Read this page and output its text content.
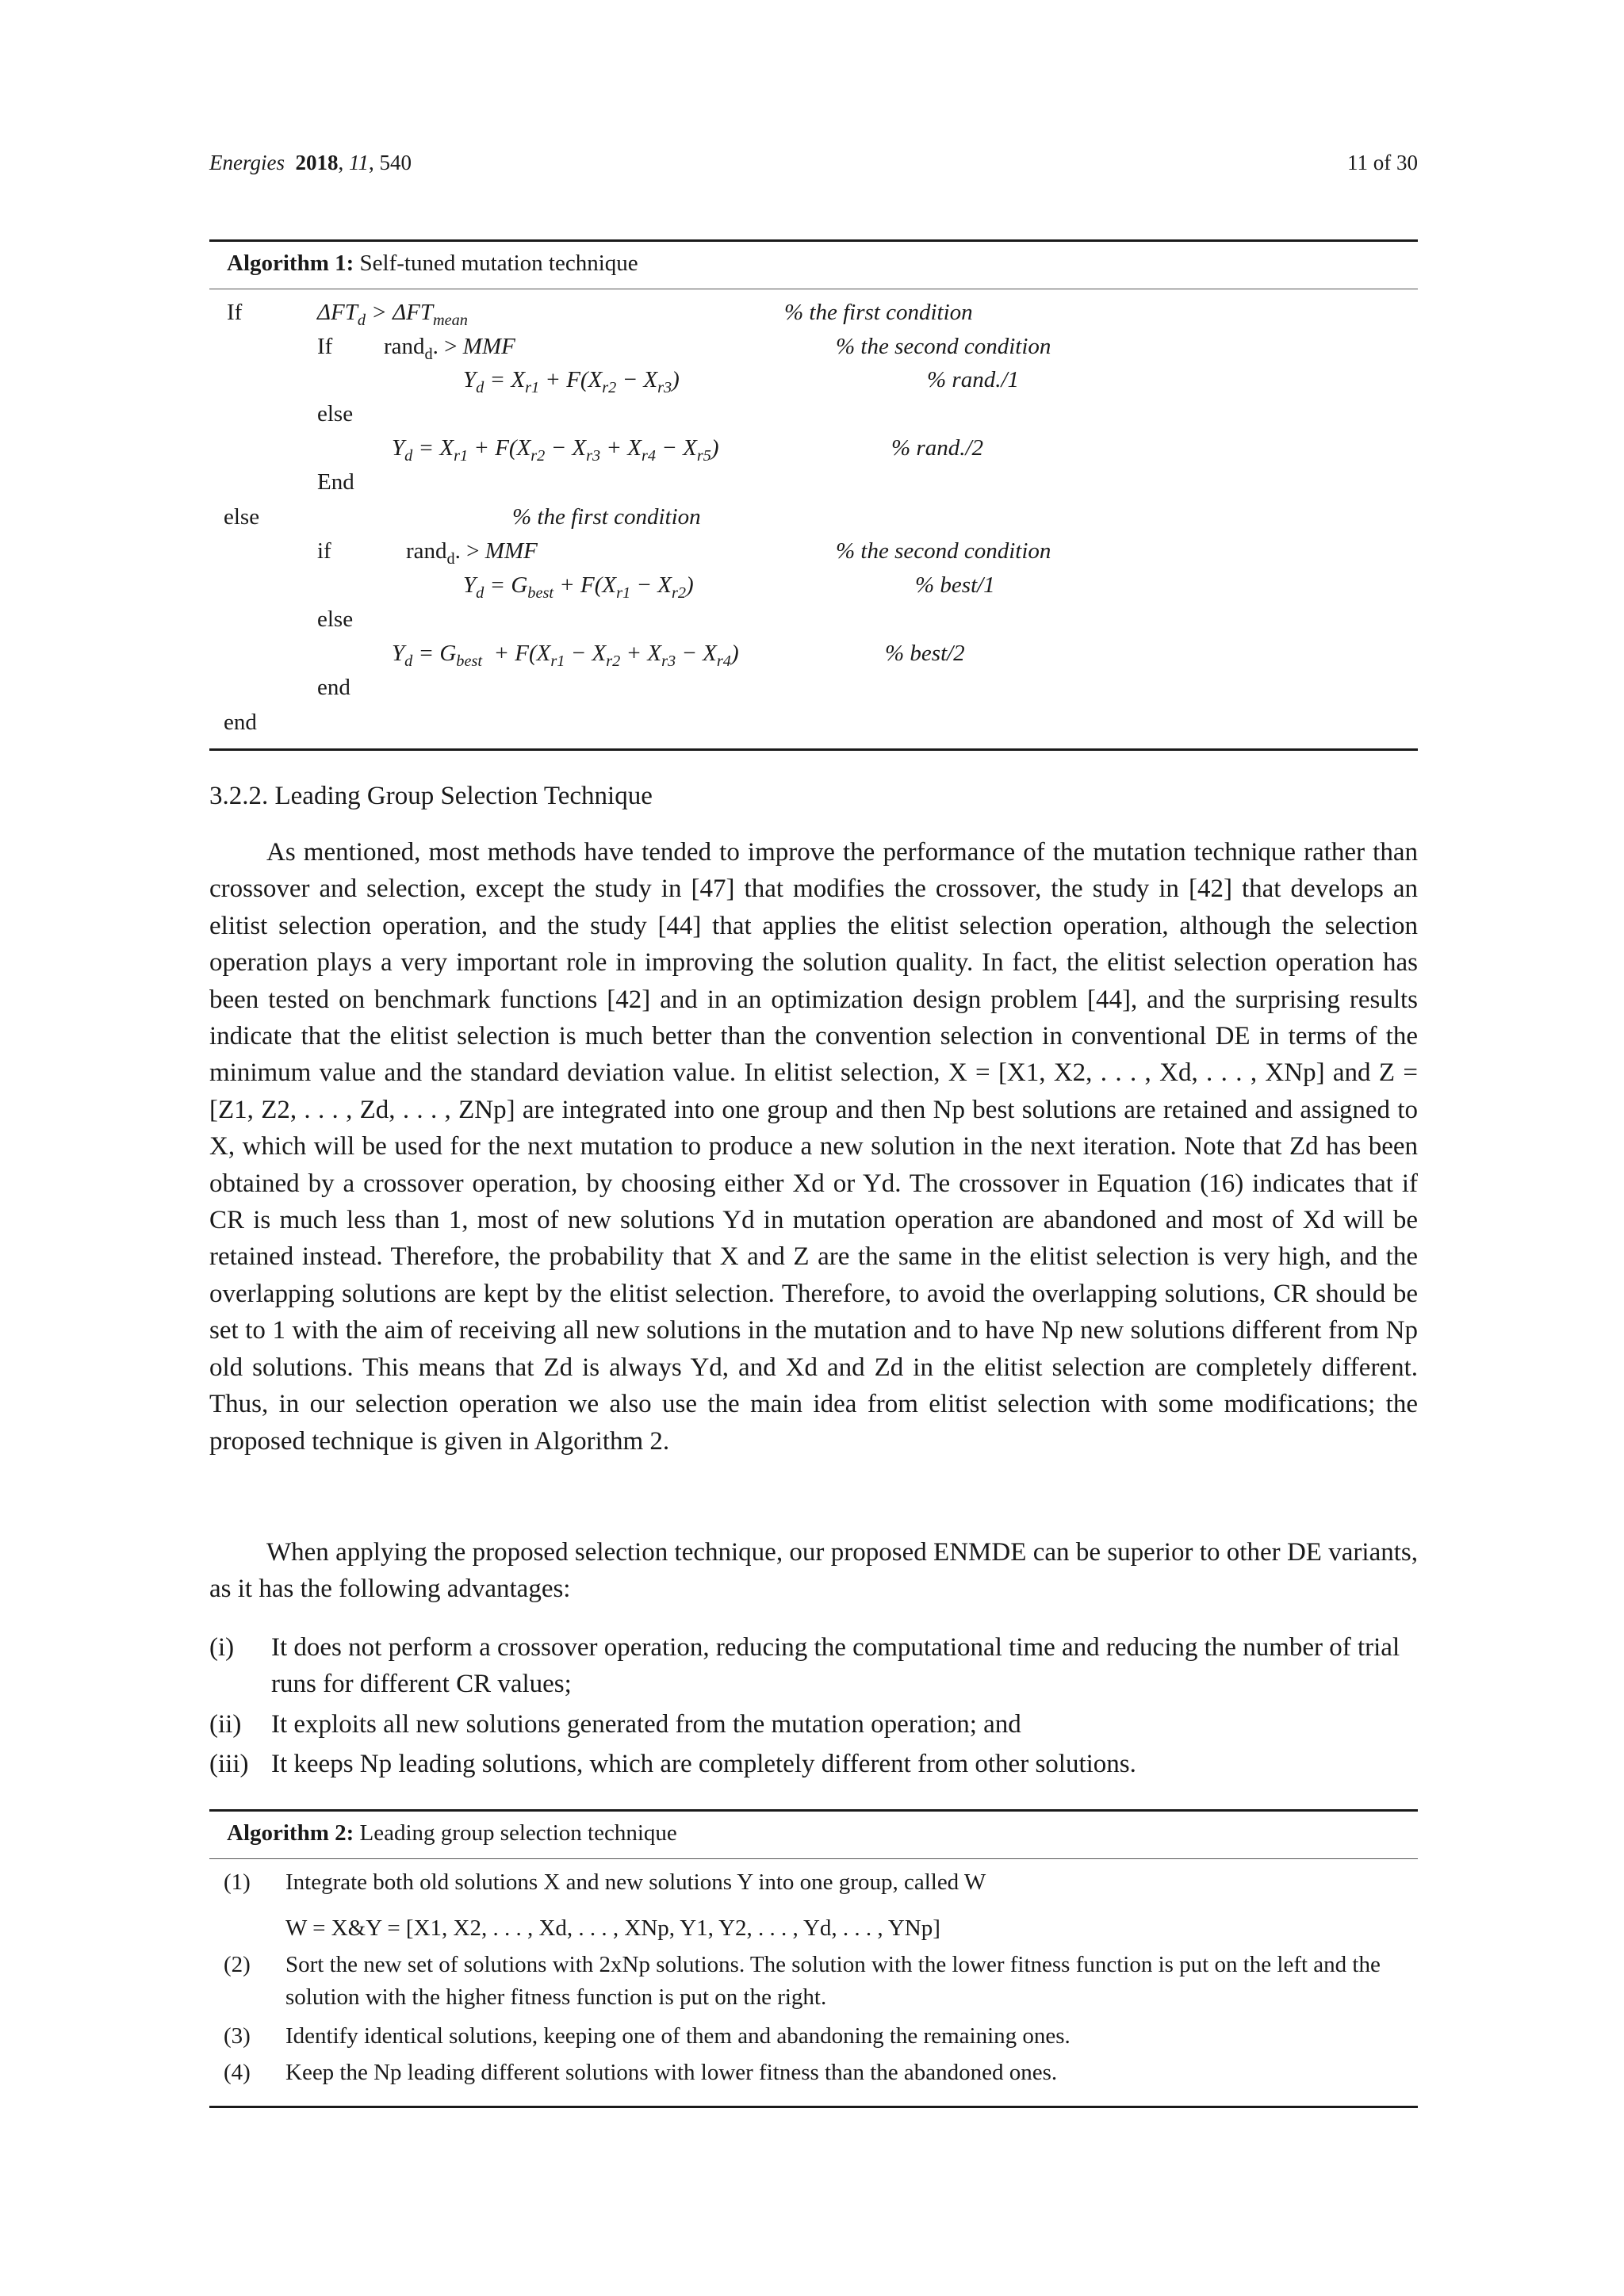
Energies 2018, 11, 540	11 of 30
Algorithm 1: Self-tuned mutation technique
If	$\Delta FT_d > \Delta FT_{mean}$	% the first condition
If rand$_d$. > MMF	% the second condition
$Y_d = X_{r1} + F(X_{r2} - X_{r3})$	% rand./1
else
$Y_d = X_{r1} + F(X_{r2} - X_{r3} + X_{r4} - X_{r5})$	% rand./2
End
else	% the first condition
if	rand$_d$. > MMF	% the second condition
$Y_d = G_{best} + F(X_{r1} - X_{r2})$	% best/1
else
$Y_d = G_{best} + F(X_{r1} - X_{r2} + X_{r3} - X_{r4})$	% best/2
end
end
3.2.2. Leading Group Selection Technique

As mentioned, most methods have tended to improve the performance of the mutation technique rather than crossover and selection, except the study in [47] that modifies the crossover, the study in [42] that develops an elitist selection operation, and the study [44] that applies the elitist selection operation, although the selection operation plays a very important role in improving the solution quality. In fact, the elitist selection operation has been tested on benchmark functions [42] and in an optimization design problem [44], and the surprising results indicate that the elitist selection is much better than the convention selection in conventional DE in terms of the minimum value and the standard deviation value. In elitist selection, X = [X1, X2, . . . , Xd, . . . , XNp] and Z = [Z1, Z2, . . . , Zd, . . . , ZNp] are integrated into one group and then Np best solutions are retained and assigned to X, which will be used for the next mutation to produce a new solution in the next iteration. Note that Zd has been obtained by a crossover operation, by choosing either Xd or Yd. The crossover in Equation (16) indicates that if CR is much less than 1, most of new solutions Yd in mutation operation are abandoned and most of Xd will be retained instead. Therefore, the probability that X and Z are the same in the elitist selection is very high, and the overlapping solutions are kept by the elitist selection. Therefore, to avoid the overlapping solutions, CR should be set to 1 with the aim of receiving all new solutions in the mutation and to have Np new solutions different from Np old solutions. This means that Zd is always Yd, and Xd and Zd in the elitist selection are completely different. Thus, in our selection operation we also use the main idea from elitist selection with some modifications; the proposed technique is given in Algorithm 2.

When applying the proposed selection technique, our proposed ENMDE can be superior to other DE variants, as it has the following advantages:

(i) It does not perform a crossover operation, reducing the computational time and reducing the number of trial runs for different CR values;
(ii) It exploits all new solutions generated from the mutation operation; and
(iii) It keeps Np leading solutions, which are completely different from other solutions.
Algorithm 2: Leading group selection technique
(1) Integrate both old solutions X and new solutions Y into one group, called W
W = X&Y = [X1, X2, . . . , Xd, . . . , XNp, Y1, Y2, . . . , Yd, . . . , YNp]
(2) Sort the new set of solutions with 2xNp solutions. The solution with the lower fitness function is put on the left and the solution with the higher fitness function is put on the right.
(3) Identify identical solutions, keeping one of them and abandoning the remaining ones.
(4) Keep the Np leading different solutions with lower fitness than the abandoned ones.
